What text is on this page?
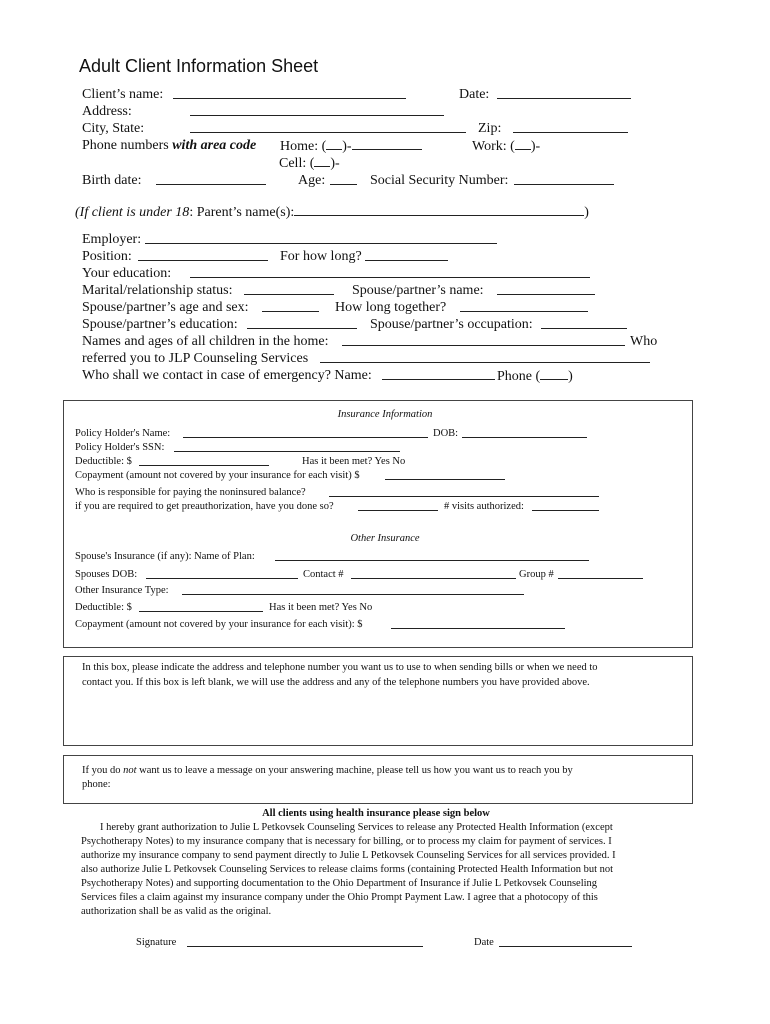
Adult Client Information Sheet
Client’s name:	Date:
Address:
City, State:	Zip:
Phone numbers with area code Home: ( )-	Work: ( )-
Cell: ( )-
Birth date:	Age:	Social Security Number:
(If client is under 18: Parent’s name(s):	)
Employer:
Position:	For how long?
Your education:
Marital/relationship status:	Spouse/partner’s name:
Spouse/partner’s age and sex:	How long together?
Spouse/partner’s education:	Spouse/partner’s occupation:
Names and ages of all children in the home:	Who
referred you to JLP Counseling Services
Who shall we contact in case of emergency? Name:	Phone ( )
Insurance Information
Policy Holder's Name:	DOB:
Policy Holder's SSN:
Deductible: $	Has it been met? Yes No
Copayment (amount not covered by your insurance for each visit) $
Who is responsible for paying the noninsured balance?
if you are required to get preauthorization, have you done so?	# visits authorized:
Other Insurance
Spouse's Insurance (if any): Name of Plan:
Spouses DOB:	Contact #	Group #
Other Insurance Type:
Deductible: $	Has it been met? Yes No
Copayment (amount not covered by your insurance for each visit): $
In this box, please indicate the address and telephone number you want us to use to when sending bills or when we need to
contact you. If this box is left blank, we will use the address and any of the telephone numbers you have provided above.
If you do not want us to leave a message on your answering machine, please tell us how you want us to reach you by
phone:
All clients using health insurance please sign below
I hereby grant authorization to Julie L Petkovsek Counseling Services to release any Protected Health Information (except
Psychotherapy Notes) to my insurance company that is necessary for billing, or to process my claim for payment of services. I
authorize my insurance company to send payment directly to Julie L Petkovsek Counseling Services for all services provided. I
also authorize Julie L Petkovsek Counseling Services to release claims forms (containing Protected Health Information but not
Psychotherapy Notes) and supporting documentation to the Ohio Department of Insurance if Julie L Petkovsek Counseling
Services files a claim against my insurance company under the Ohio Prompt Payment Law. I agree that a photocopy of this
authorization shall be as valid as the original.
Signature	Date
